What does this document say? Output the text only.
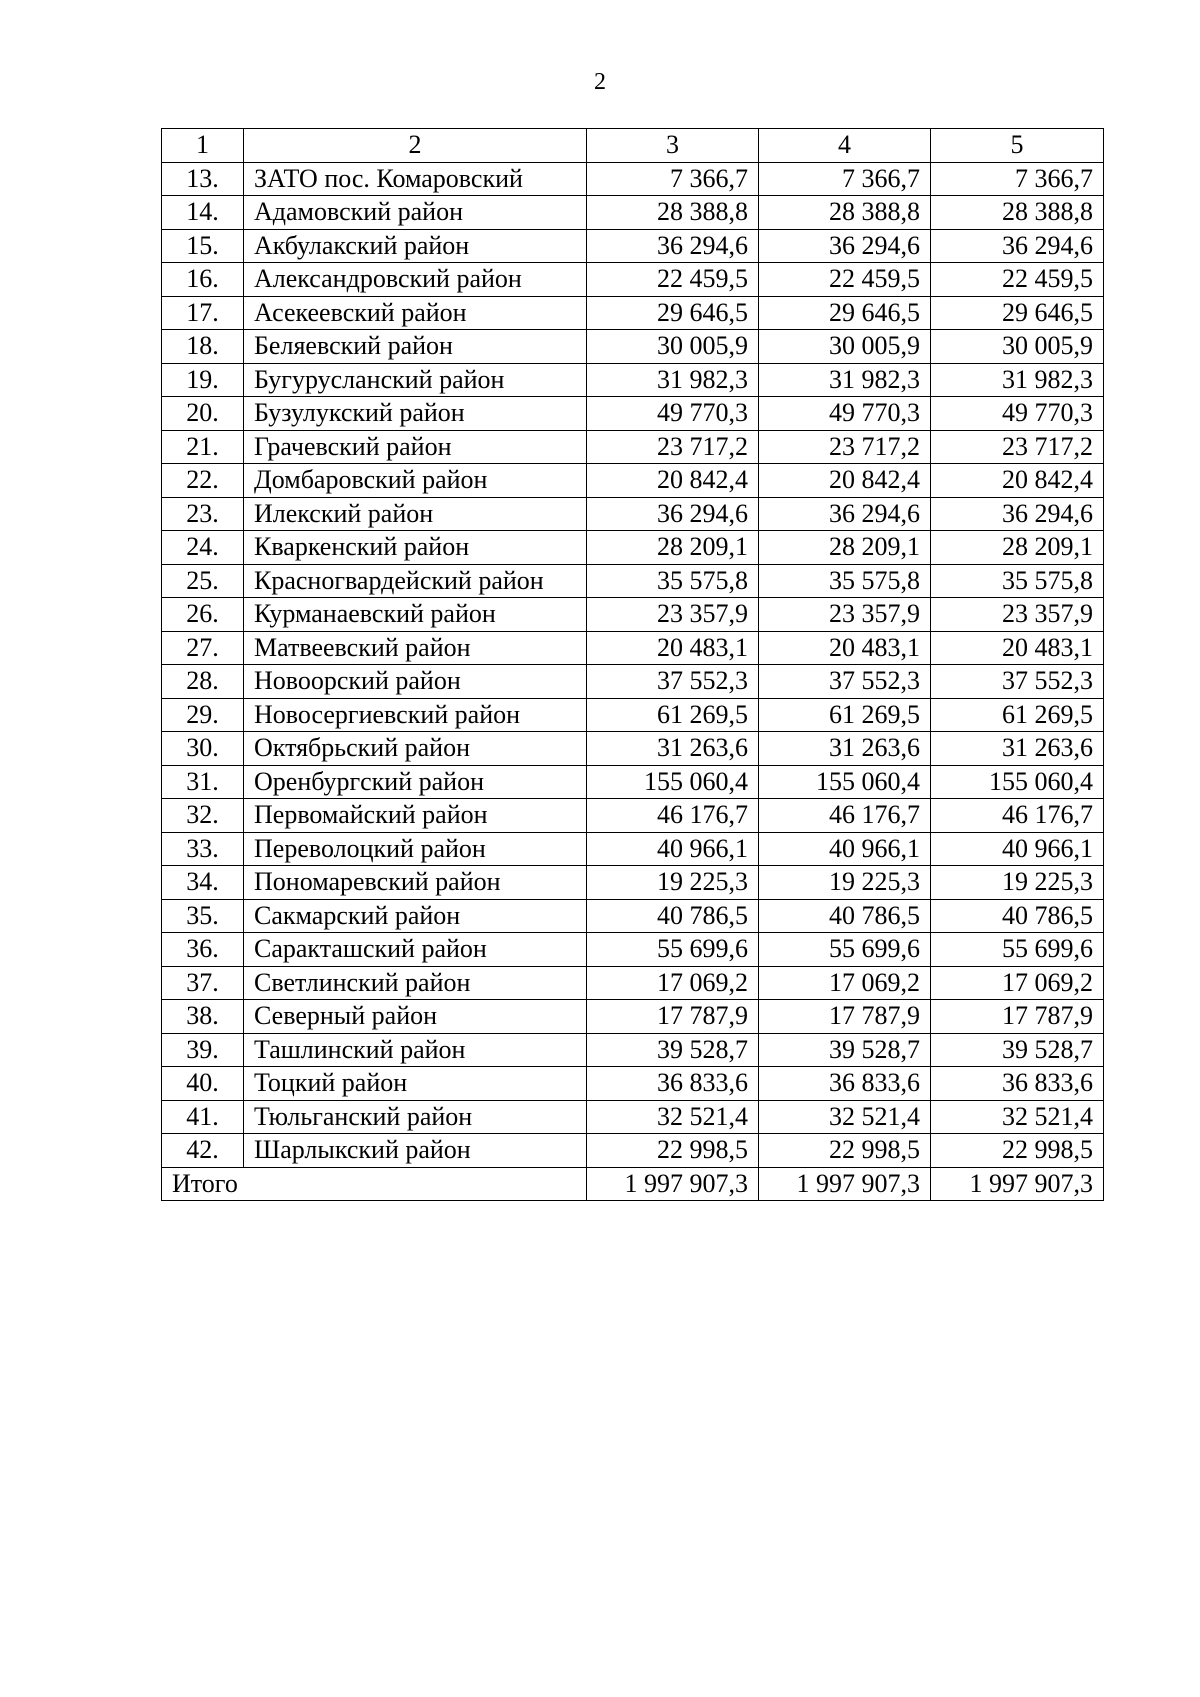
2
1	2	3	4	5
13.	ЗАТО пос. Комаровский	7 366,7	7 366,7	7 366,7
14.	Адамовский район	28 388,8	28 388,8	28 388,8
15.	Акбулакский район	36 294,6	36 294,6	36 294,6
16.	Александровский район	22 459,5	22 459,5	22 459,5
17.	Асекеевский район	29 646,5	29 646,5	29 646,5
18.	Беляевский район	30 005,9	30 005,9	30 005,9
19.	Бугурусланский район	31 982,3	31 982,3	31 982,3
20.	Бузулукский район	49 770,3	49 770,3	49 770,3
21.	Грачевский район	23 717,2	23 717,2	23 717,2
22.	Домбаровский район	20 842,4	20 842,4	20 842,4
23.	Илекский район	36 294,6	36 294,6	36 294,6
24.	Кваркенский район	28 209,1	28 209,1	28 209,1
25.	Красногвардейский район	35 575,8	35 575,8	35 575,8
26.	Курманаевский район	23 357,9	23 357,9	23 357,9
27.	Матвеевский район	20 483,1	20 483,1	20 483,1
28.	Новоорский район	37 552,3	37 552,3	37 552,3
29.	Новосергиевский район	61 269,5	61 269,5	61 269,5
30.	Октябрьский район	31 263,6	31 263,6	31 263,6
31.	Оренбургский район	155 060,4	155 060,4	155 060,4
32.	Первомайский район	46 176,7	46 176,7	46 176,7
33.	Переволоцкий район	40 966,1	40 966,1	40 966,1
34.	Пономаревский район	19 225,3	19 225,3	19 225,3
35.	Сакмарский район	40 786,5	40 786,5	40 786,5
36.	Саракташский район	55 699,6	55 699,6	55 699,6
37.	Светлинский район	17 069,2	17 069,2	17 069,2
38.	Северный район	17 787,9	17 787,9	17 787,9
39.	Ташлинский район	39 528,7	39 528,7	39 528,7
40.	Тоцкий район	36 833,6	36 833,6	36 833,6
41.	Тюльганский район	32 521,4	32 521,4	32 521,4
42.	Шарлыкский район	22 998,5	22 998,5	22 998,5
Итого		1 997 907,3	1 997 907,3	1 997 907,3
